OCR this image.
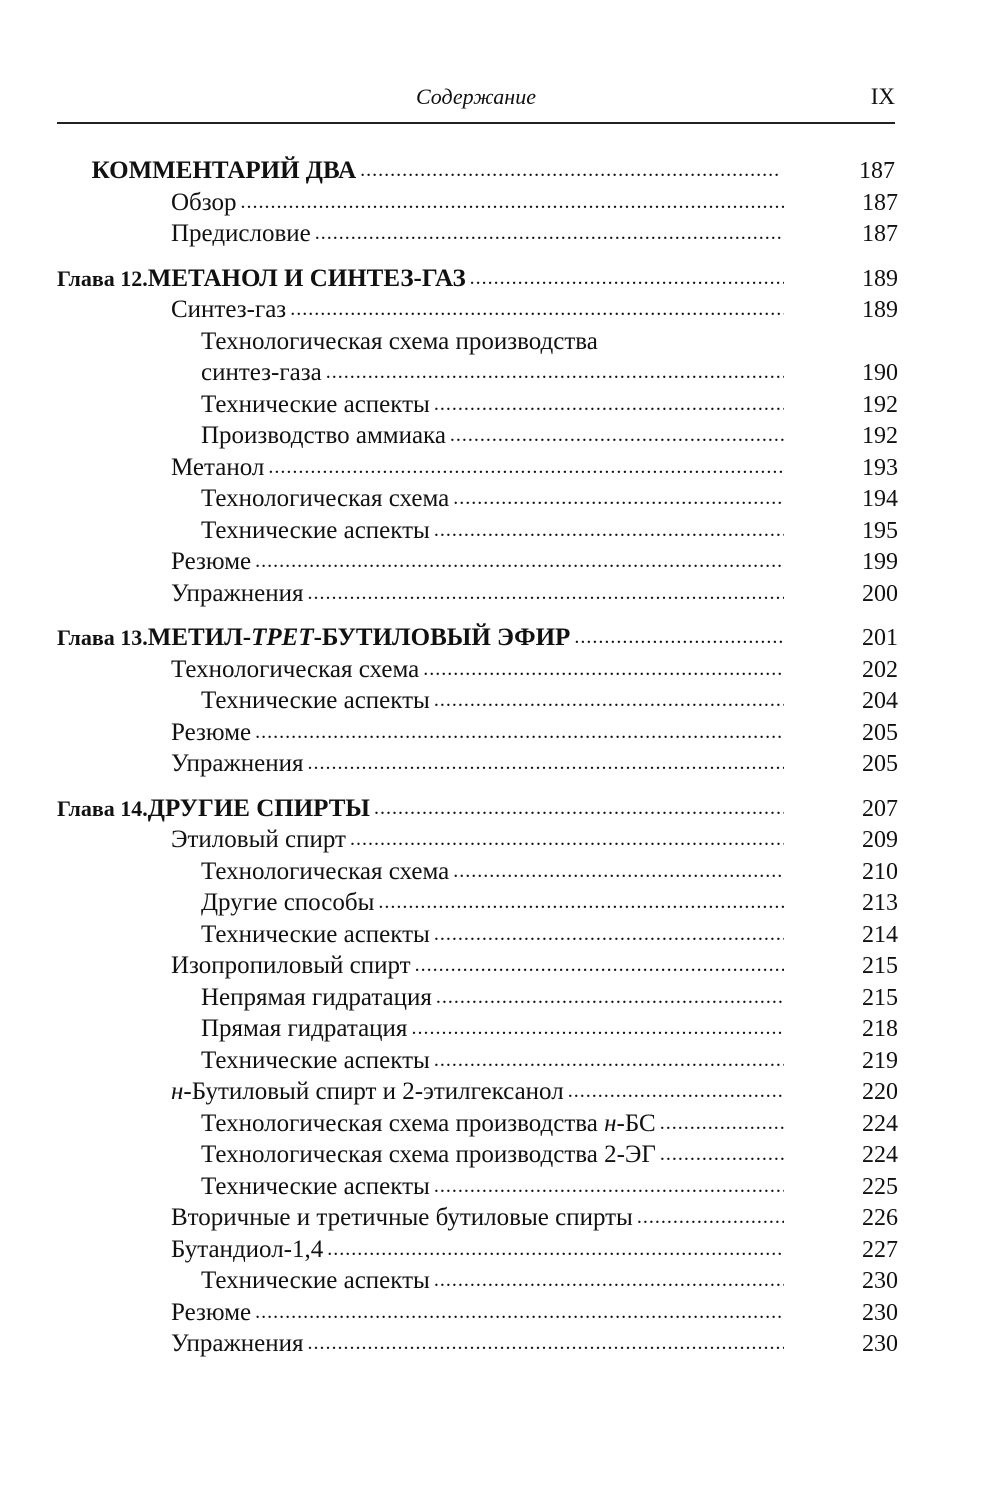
Содержание	IX
КОММЕНТАРИЙ ДВА .....	187
Обзор .....	187
Предисловие .....	187
Глава 12. МЕТАНОЛ И СИНТЕЗ-ГАЗ .....	189
Синтез-газ .....	189
Технологическая схема производства
синтез-газа .....	190
Технические аспекты .....	192
Производство аммиака .....	192
Метанол .....	193
Технологическая схема .....	194
Технические аспекты .....	195
Резюме .....	199
Упражнения .....	200
Глава 13. МЕТИЛ-ТРЕТ-БУТИЛОВЫЙ ЭФИР .....	201
Технологическая схема .....	202
Технические аспекты .....	204
Резюме .....	205
Упражнения .....	205
Глава 14. ДРУГИЕ СПИРТЫ .....	207
Этиловый спирт .....	209
Технологическая схема .....	210
Другие способы .....	213
Технические аспекты .....	214
Изопропиловый спирт .....	215
Непрямая гидратация .....	215
Прямая гидратация .....	218
Технические аспекты .....	219
н-Бутиловый спирт и 2-этилгексанол .....	220
Технологическая схема производства н-БС .....	224
Технологическая схема производства 2-ЭГ .....	224
Технические аспекты .....	225
Вторичные и третичные бутиловые спирты .....	226
Бутандиол-1,4 .....	227
Технические аспекты .....	230
Резюме .....	230
Упражнения .....	230
